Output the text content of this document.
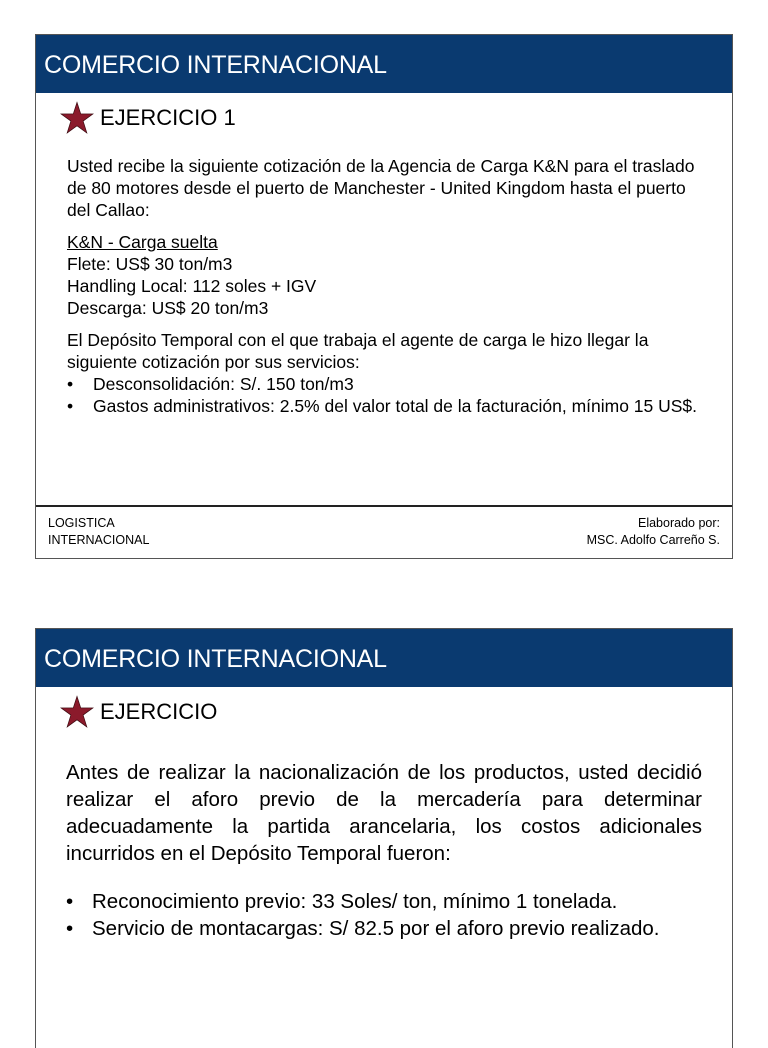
COMERCIO INTERNACIONAL
EJERCICIO 1

Usted recibe la siguiente cotización de la Agencia de Carga K&N para el traslado de 80 motores desde el puerto de Manchester - United Kingdom hasta el puerto del Callao:

K&N - Carga suelta

Flete: US$ 30 ton/m3

Handling Local: 112 soles + IGV

Descarga: US$ 20 ton/m3

El Depósito Temporal con el que trabaja el agente de carga le hizo llegar la siguiente cotización por sus servicios:

• Desconsolidación: S/. 150 ton/m3
• Gastos administrativos: 2.5% del valor total de la facturación, mínimo 15 US$.
LOGISTICA
INTERNACIONAL
Elaborado por:
MSC. Adolfo Carreño S.
COMERCIO INTERNACIONAL
EJERCICIO

Antes de realizar la nacionalización de los productos, usted decidió realizar el aforo previo de la mercadería para determinar adecuadamente la partida arancelaria, los costos adicionales incurridos en el Depósito Temporal fueron:

• Reconocimiento previo: 33 Soles/ ton, mínimo 1 tonelada.
• Servicio de montacargas: S/ 82.5 por el aforo previo realizado.
